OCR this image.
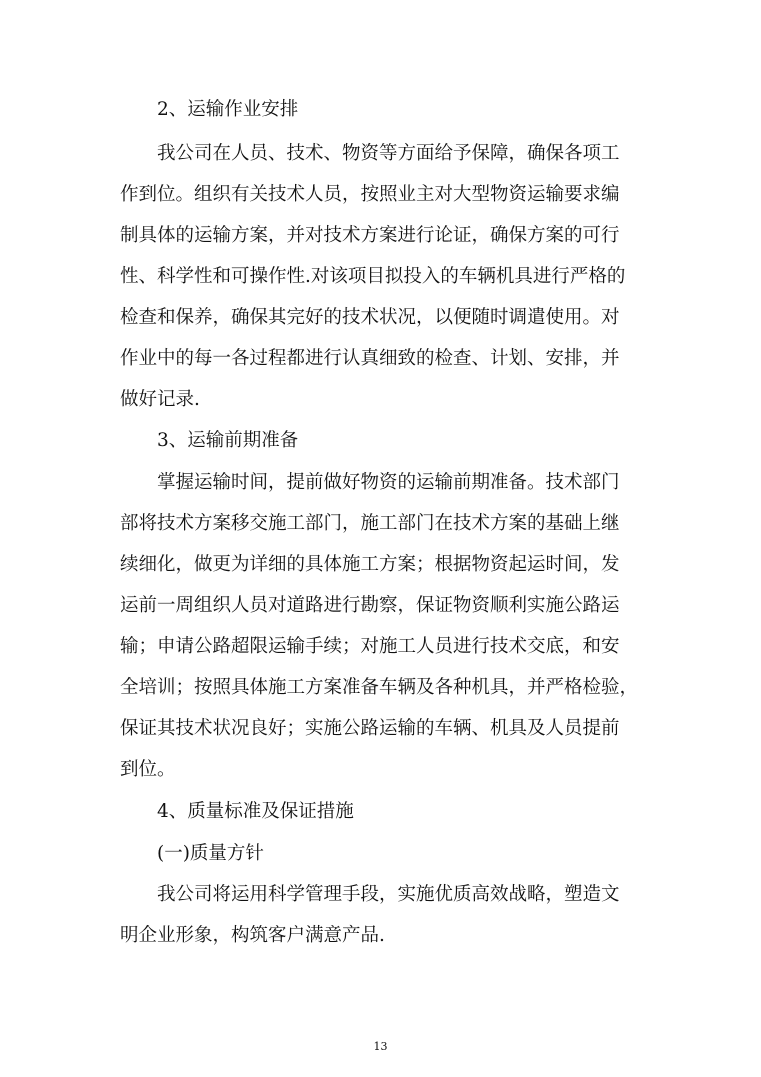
2、运输作业安排
我公司在人员、技术、物资等方面给予保障，确保各项工
作到位。组织有关技术人员，按照业主对大型物资运输要求编
制具体的运输方案，并对技术方案进行论证，确保方案的可行
性、科学性和可操作性.对该项目拟投入的车辆机具进行严格的
检查和保养，确保其完好的技术状况，以便随时调遣使用。对
作业中的每一各过程都进行认真细致的检查、计划、安排，并
做好记录.
3、运输前期准备
掌握运输时间，提前做好物资的运输前期准备。技术部门
部将技术方案移交施工部门，施工部门在技术方案的基础上继
续细化，做更为详细的具体施工方案；根据物资起运时间，发
运前一周组织人员对道路进行勘察，保证物资顺利实施公路运
输；申请公路超限运输手续；对施工人员进行技术交底，和安
全培训；按照具体施工方案准备车辆及各种机具，并严格检验，
保证其技术状况良好；实施公路运输的车辆、机具及人员提前
到位。
4、质量标准及保证措施
(一)质量方针
我公司将运用科学管理手段，实施优质高效战略，塑造文
明企业形象，构筑客户满意产品.
13
